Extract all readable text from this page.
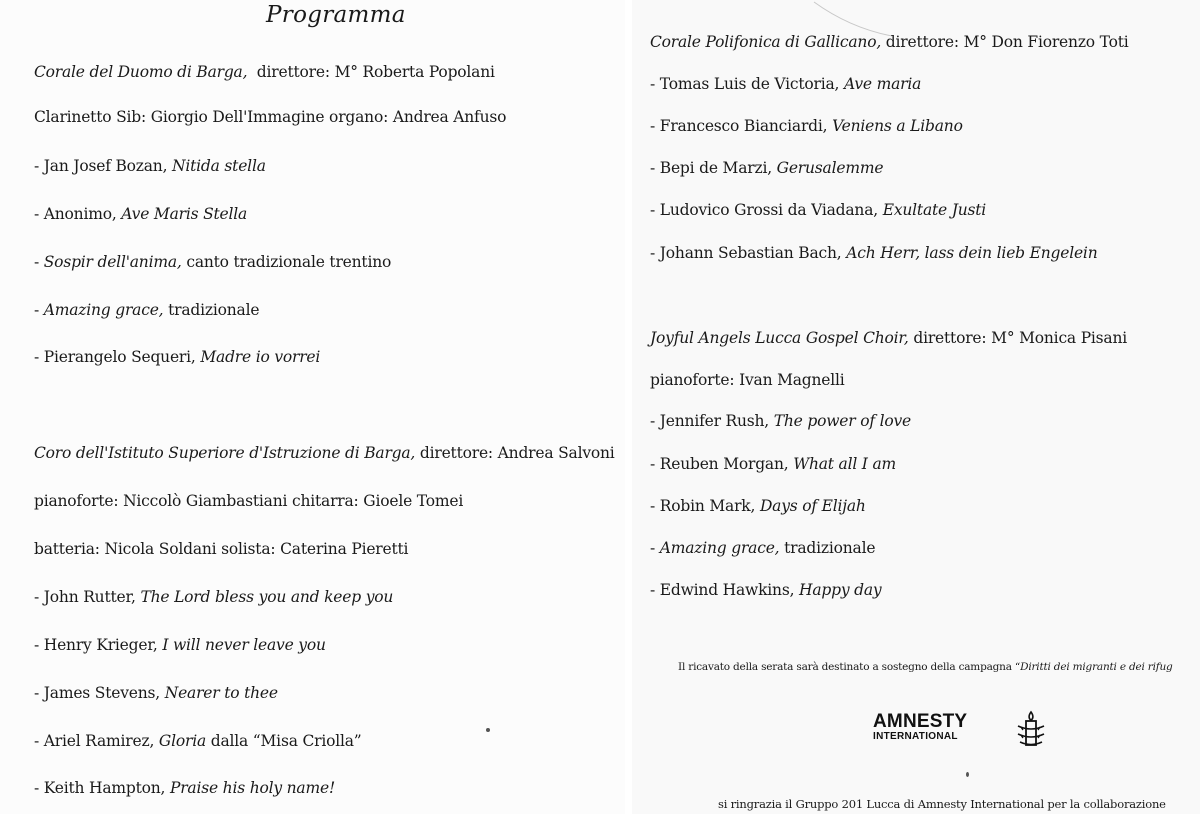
Programma
Corale del Duomo di Barga, direttore: M° Roberta Popolani
Clarinetto Sib: Giorgio Dell'Immagine organo: Andrea Anfuso
- Jan Josef Bozan, Nitida stella
- Anonimo, Ave Maris Stella
- Sospir dell'anima, canto tradizionale trentino
- Amazing grace, tradizionale
- Pierangelo Sequeri, Madre io vorrei
Coro dell'Istituto Superiore d'Istruzione di Barga, direttore: Andrea Salvoni
pianoforte: Niccolò Giambastiani chitarra: Gioele Tomei
batteria: Nicola Soldani solista: Caterina Pieretti
- John Rutter, The Lord bless you and keep you
- Henry Krieger, I will never leave you
- James Stevens, Nearer to thee
- Ariel Ramirez, Gloria dalla “Misa Criolla”
- Keith Hampton, Praise his holy name!
Corale Polifonica di Gallicano, direttore: M° Don Fiorenzo Toti
- Tomas Luis de Victoria, Ave maria
- Francesco Bianciardi, Veniens a Libano
- Bepi de Marzi, Gerusalemme
- Ludovico Grossi da Viadana, Exultate Justi
- Johann Sebastian Bach, Ach Herr, lass dein lieb Engelein
Joyful Angels Lucca Gospel Choir, direttore: M° Monica Pisani
pianoforte: Ivan Magnelli
- Jennifer Rush, The power of love
- Reuben Morgan, What all I am
- Robin Mark, Days of Elijah
- Amazing grace, tradizionale
- Edwind Hawkins, Happy day
Il ricavato della serata sarà destinato a sostegno della campagna “Diritti dei migranti e dei rifug
AMNESTY
INTERNATIONAL
si ringrazia il Gruppo 201 Lucca di Amnesty International per la collaborazione
